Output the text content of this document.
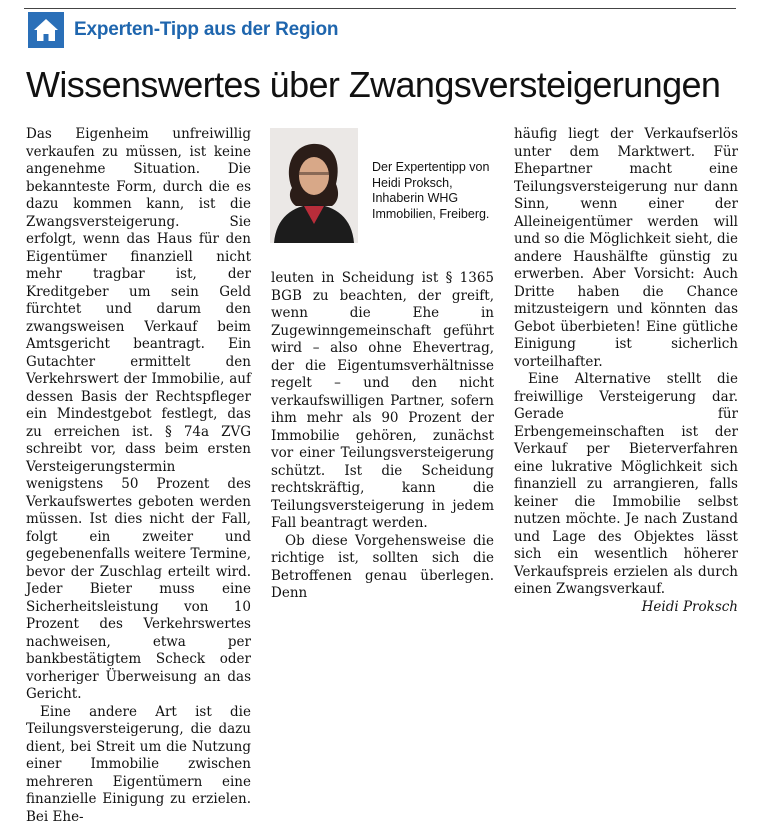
Experten-Tipp aus der Region
Wissenswertes über Zwangsversteigerungen

Das Eigenheim unfreiwillig verkaufen zu müssen, ist keine angenehme Situation. Die bekannteste Form, durch die es dazu kommen kann, ist die Zwangsversteigerung. Sie erfolgt, wenn das Haus für den Eigentümer finanziell nicht mehr tragbar ist, der Kreditgeber um sein Geld fürchtet und darum den zwangsweisen Verkauf beim Amtsgericht beantragt. Ein Gutachter ermittelt den Verkehrswert der Immobilie, auf dessen Basis der Rechtspfleger ein Mindestgebot festlegt, das zu erreichen ist. § 74a ZVG schreibt vor, dass beim ersten Versteigerungstermin wenigstens 50 Prozent des Verkaufswertes geboten werden müssen. Ist dies nicht der Fall, folgt ein zweiter und gegebenenfalls weitere Termine, bevor der Zuschlag erteilt wird. Jeder Bieter muss eine Sicherheitsleistung von 10 Prozent des Verkehrswertes nachweisen, etwa per bankbestätigtem Scheck oder vorheriger Überweisung an das Gericht.

Eine andere Art ist die Teilungsversteigerung, die dazu dient, bei Streit um die Nutzung einer Immobilie zwischen mehreren Eigentümern eine finanzielle Einigung zu erzielen. Bei Ehe-

Der Expertentipp von Heidi Proksch, Inhaberin WHG Immobilien, Freiberg.

leuten in Scheidung ist § 1365 BGB zu beachten, der greift, wenn die Ehe in Zugewinngemeinschaft geführt wird – also ohne Ehevertrag, der die Eigentumsverhältnisse regelt – und den nicht verkaufswilligen Partner, sofern ihm mehr als 90 Prozent der Immobilie gehören, zunächst vor einer Teilungsversteigerung schützt. Ist die Scheidung rechtskräftig, kann die Teilungsversteigerung in jedem Fall beantragt werden.

Ob diese Vorgehensweise die richtige ist, sollten sich die Betroffenen genau überlegen. Denn

häufig liegt der Verkaufserlös unter dem Marktwert. Für Ehepartner macht eine Teilungsversteigerung nur dann Sinn, wenn einer der Alleineigentümer werden will und so die Möglichkeit sieht, die andere Haushälfte günstig zu erwerben. Aber Vorsicht: Auch Dritte haben die Chance mitzusteigern und könnten das Gebot überbieten! Eine gütliche Einigung ist sicherlich vorteilhafter.

Eine Alternative stellt die freiwillige Versteigerung dar. Gerade für Erbengemeinschaften ist der Verkauf per Bieterverfahren eine lukrative Möglichkeit sich finanziell zu arrangieren, falls keiner die Immobilie selbst nutzen möchte. Je nach Zustand und Lage des Objektes lässt sich ein wesentlich höherer Verkaufspreis erzielen als durch einen Zwangsverkauf.
Heidi Proksch
